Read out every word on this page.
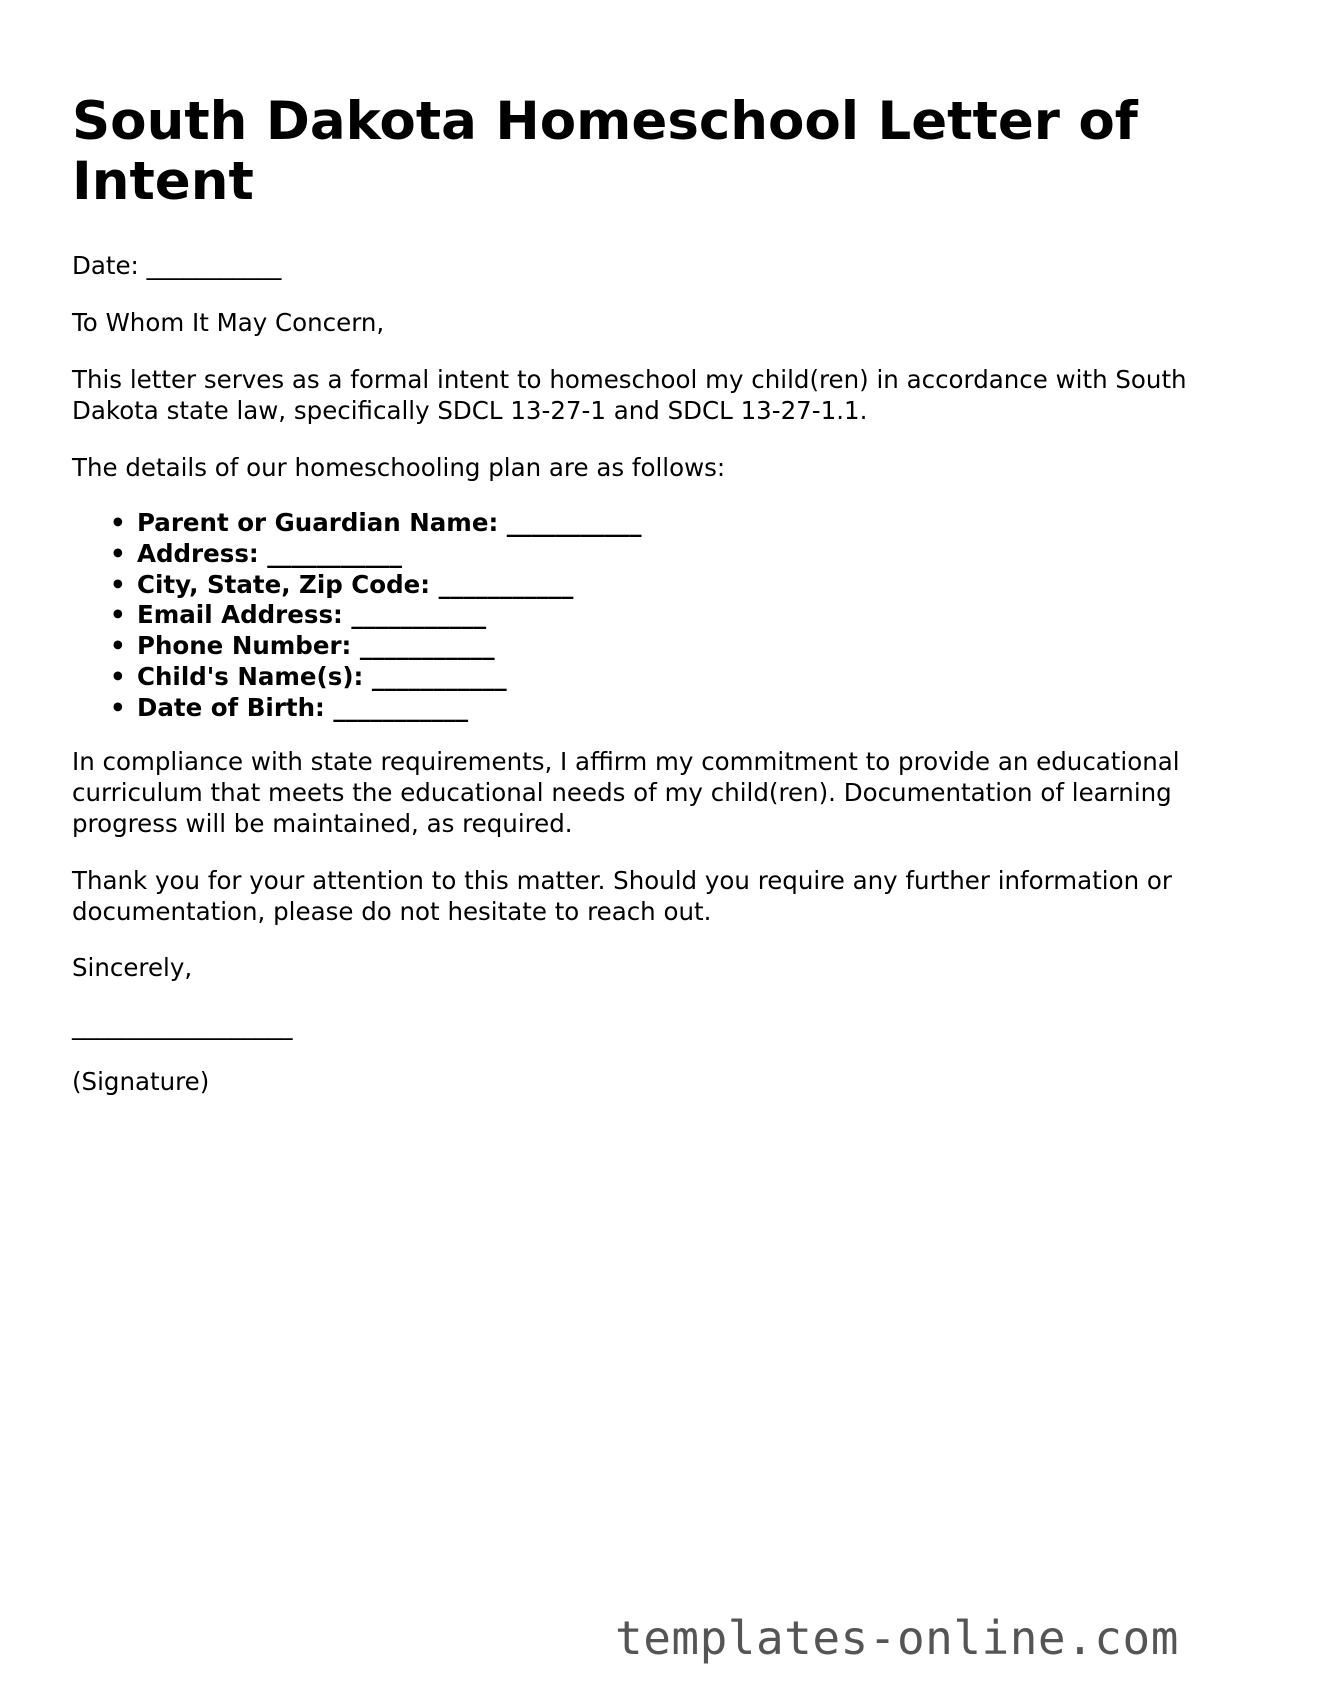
South Dakota Homeschool Letter of Intent

Date: ___________

To Whom It May Concern,

This letter serves as a formal intent to homeschool my child(ren) in accordance with South Dakota state law, specifically SDCL 13-27-1 and SDCL 13-27-1.1.

The details of our homeschooling plan are as follows:

• Parent or Guardian Name: ___________
• Address: ___________
• City, State, Zip Code: ___________
• Email Address: ___________
• Phone Number: ___________
• Child's Name(s): ___________
• Date of Birth: ___________

In compliance with state requirements, I affirm my commitment to provide an educational curriculum that meets the educational needs of my child(ren). Documentation of learning progress will be maintained, as required.

Thank you for your attention to this matter. Should you require any further information or documentation, please do not hesitate to reach out.

Sincerely,

__________________

(Signature)

templates-online.com
